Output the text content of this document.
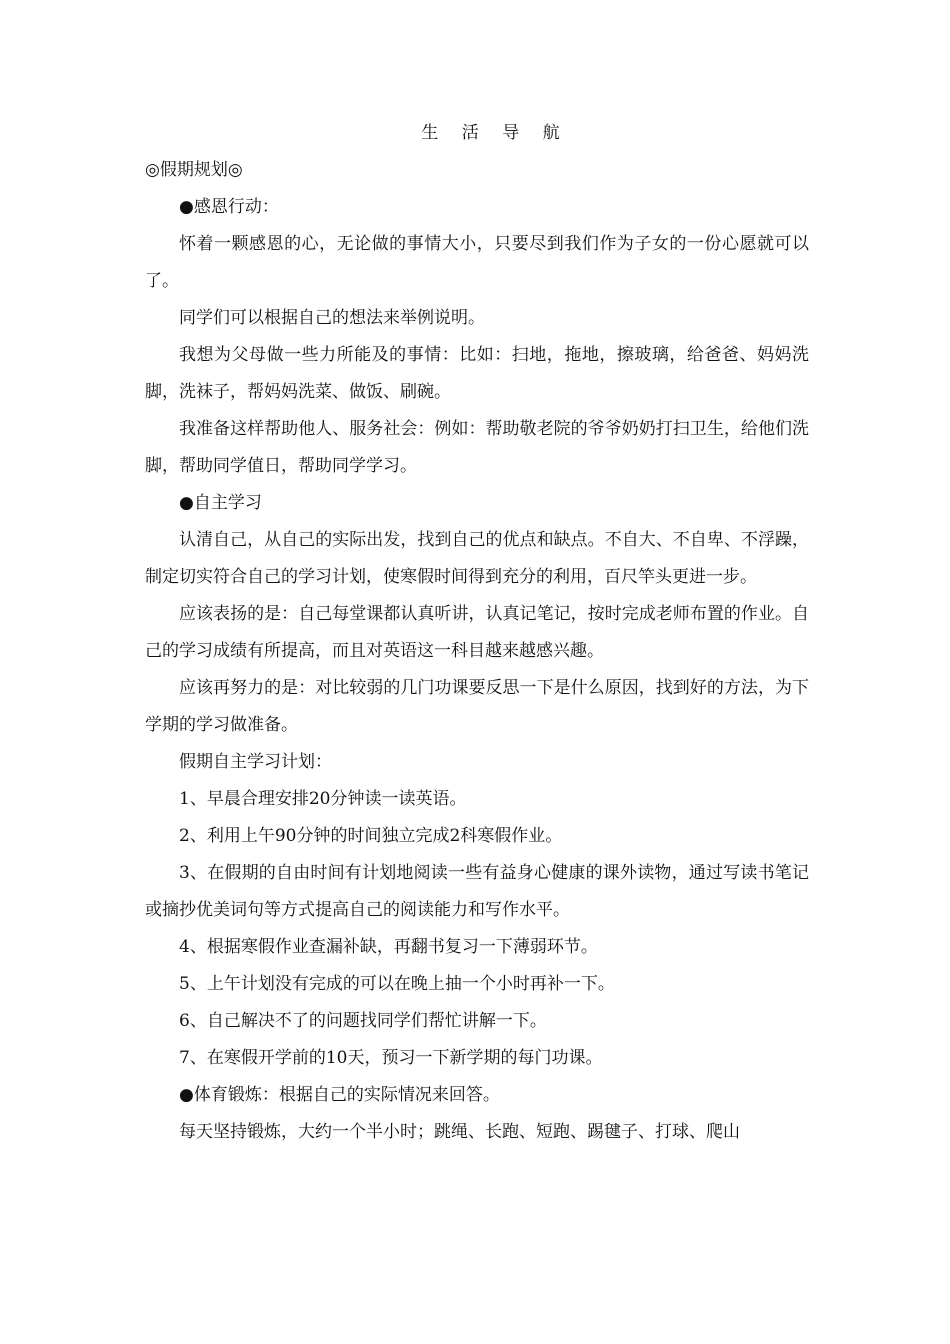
生 活 导 航

◎假期规划◎

●感恩行动：

怀着一颗感恩的心，无论做的事情大小，只要尽到我们作为子女的一份心愿就可以了。

同学们可以根据自己的想法来举例说明。

我想为父母做一些力所能及的事情：比如：扫地，拖地，擦玻璃，给爸爸、妈妈洗脚，洗袜子，帮妈妈洗菜、做饭、刷碗。

我准备这样帮助他人、服务社会：例如：帮助敬老院的爷爷奶奶打扫卫生，给他们洗脚，帮助同学值日，帮助同学学习。

●自主学习

认清自己，从自己的实际出发，找到自己的优点和缺点。不自大、不自卑、不浮躁，制定切实符合自己的学习计划，使寒假时间得到充分的利用，百尺竿头更进一步。

应该表扬的是：自己每堂课都认真听讲，认真记笔记，按时完成老师布置的作业。自己的学习成绩有所提高，而且对英语这一科目越来越感兴趣。

应该再努力的是：对比较弱的几门功课要反思一下是什么原因，找到好的方法，为下学期的学习做准备。

假期自主学习计划：

1、早晨合理安排20分钟读一读英语。

2、利用上午90分钟的时间独立完成2科寒假作业。

3、在假期的自由时间有计划地阅读一些有益身心健康的课外读物，通过写读书笔记或摘抄优美词句等方式提高自己的阅读能力和写作水平。

4、根据寒假作业查漏补缺，再翻书复习一下薄弱环节。

5、上午计划没有完成的可以在晚上抽一个小时再补一下。

6、自己解决不了的问题找同学们帮忙讲解一下。

7、在寒假开学前的10天，预习一下新学期的每门功课。

●体育锻炼：根据自己的实际情况来回答。

每天坚持锻炼，大约一个半小时；跳绳、长跑、短跑、踢毽子、打球、爬山
